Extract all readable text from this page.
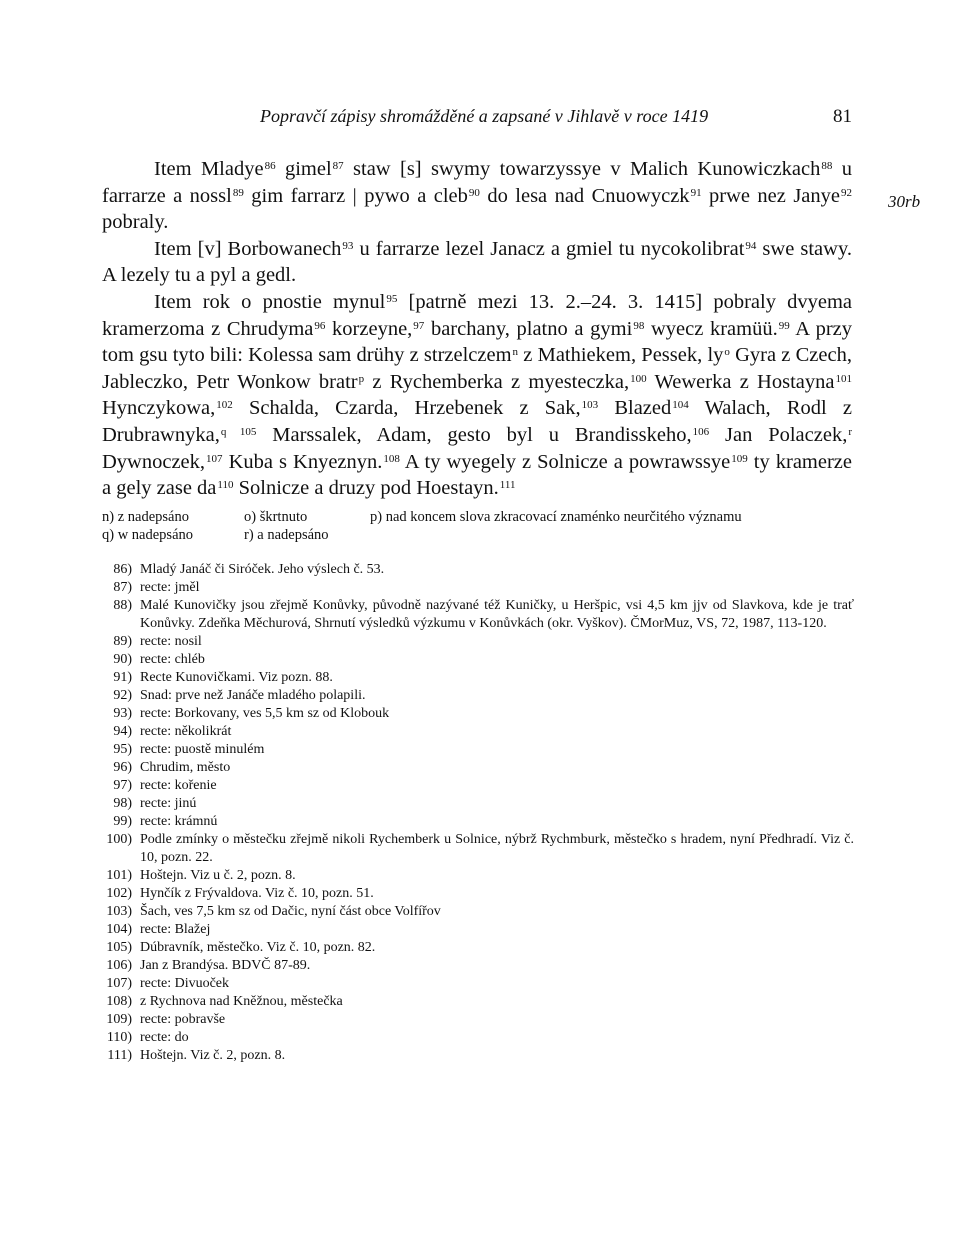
Popravčí zápisy shromážděné a zapsané v Jihlavě v roce 1419	81
30rb

Item Mladye$^{86}$ gimel$^{87}$ staw [s] swymy towarzyssye v Malich Kunowiczkach$^{88}$ u farrarze a nossl$^{89}$ gim farrarz | pywo a cleb$^{90}$ do lesa nad Cnuowyczk$^{91}$ prwe nez Janye$^{92}$ pobraly.

Item [v] Borbowanech$^{93}$ u farrarze lezel Janacz a gmiel tu nycokolibrat$^{94}$ swe stawy. A lezely tu a pyl a gedl.

Item rok o pnostie mynul$^{95}$ [patrně mezi 13. 2.–24. 3. 1415] pobraly dvyema kramerzoma z Chrudyma$^{96}$ korzeyne,$^{97}$ barchany, platno a gymi$^{98}$ wyecz kramüü.$^{99}$ A przy tom gsu tyto bili: Kolessa sam drühy z strzelczem$^n$ z Mathiekem, Pessek, $ly^o$ Gyra z Czech, Jableczko, Petr Wonkow bratr$^p$ z Rychemberka z myesteczka,$^{100}$ Wewerka z Hostayna$^{101}$ Hynczykowa,$^{102}$ Schalda, Czarda, Hrzebenek z Sak,$^{103}$ Blazed$^{104}$ Walach, Rodl z Drubrawnyka,$^{q 105}$ Marssalek, Adam, gesto byl u Brandisskeho,$^{106}$ Jan Polaczek,$^r$ Dywnoczek,$^{107}$ Kuba s Knyeznyn.$^{108}$ A ty wyegely z Solnicze a powrawssye$^{109}$ ty kramerze a gely zase $da^{110}$ Solnicze a druzy pod Hoestayn.$^{111}$

n) z nadepsáno	o) škrtnuto	p) nad koncem slova zkracovací znaménko neurčitého významu
q) w nadepsáno	r) a nadepsáno
86) Mladý Janáč či Siróček. Jeho výslech č. 53.
87) recte: jměl
88) Malé Kunovičky jsou zřejmě Konůvky, původně nazývané též Kuničky, u Heršpic, vsi 4,5 km jjv od Slavkova, kde je trať Konůvky. Zdeňka Měchurová, Shrnutí výsledků výzkumu v Konůvkách (okr. Vyškov). ČMorMuz, VS, 72, 1987, 113-120.
89) recte: nosil
90) recte: chléb
91) Recte Kunovičkami. Viz pozn. 88.
92) Snad: prve než Janáče mladého polapili.
93) recte: Borkovany, ves 5,5 km sz od Klobouk
94) recte: několikrát
95) recte: puostě minulém
96) Chrudim, město
97) recte: kořenie
98) recte: jinú
99) recte: krámnú
100) Podle zmínky o městečku zřejmě nikoli Rychemberk u Solnice, nýbrž Rychmburk, městečko s hradem, nyní Předhradí. Viz č. 10, pozn. 22.
101) Hoštejn. Viz u č. 2, pozn. 8.
102) Hynčík z Frývaldova. Viz č. 10, pozn. 51.
103) Šach, ves 7,5 km sz od Dačic, nyní část obce Volfířov
104) recte: Blažej
105) Dúbravník, městečko. Viz č. 10, pozn. 82.
106) Jan z Brandýsa. BDVČ 87-89.
107) recte: Divuoček
108) z Rychnova nad Kněžnou, městečka
109) recte: pobravše
110) recte: do
111) Hoštejn. Viz č. 2, pozn. 8.
